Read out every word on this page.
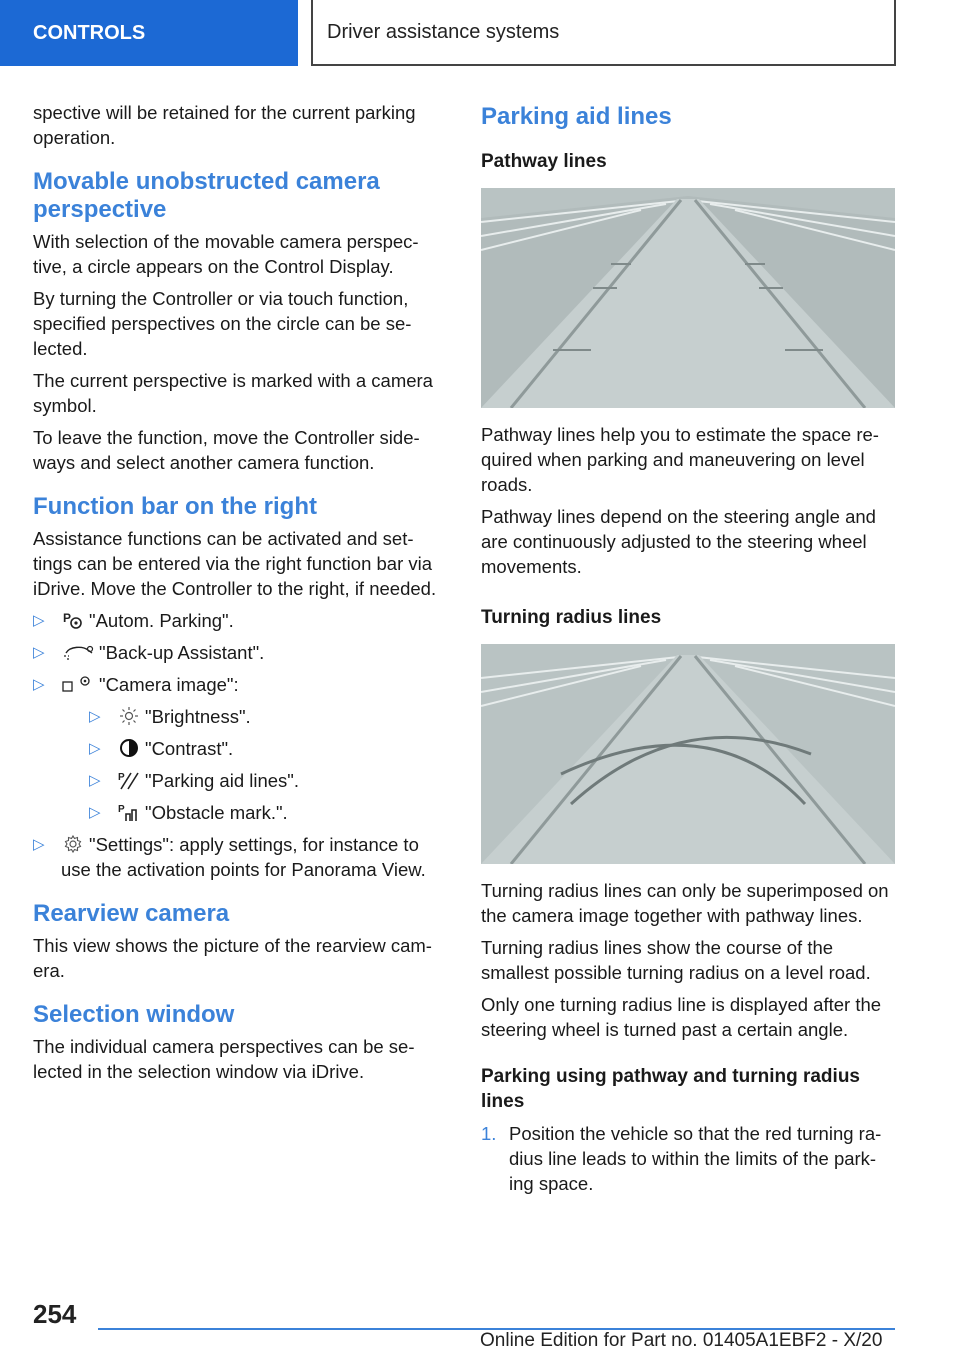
CONTROLS	Driver assistance systems

spective will be retained for the current parking operation.

Movable unobstructed camera perspective

With selection of the movable camera perspec-tive, a circle appears on the Control Display.

By turning the Controller or via touch function, specified perspectives on the circle can be se-lected.

The current perspective is marked with a camera symbol.

To leave the function, move the Controller side-ways and select another camera function.

Function bar on the right

Assistance functions can be activated and set-tings can be entered via the right function bar via iDrive. Move the Controller to the right, if needed.

▷ P "Autom. Parking".
▷	"Back-up Assistant".
▷	"Camera image":
▷ "Brightness".
▷ "Contrast".
▷ P "Parking aid lines".
▷ P "Obstacle mark.".
▷ "Settings": apply settings, for instance to use the activation points for Panorama View.
Rearview camera

This view shows the picture of the rearview cam-era.

Selection window

The individual camera perspectives can be se-lected in the selection window via iDrive.

Parking aid lines
Pathway lines

Pathway lines help you to estimate the space re-quired when parking and maneuvering on level roads.

Pathway lines depend on the steering angle and are continuously adjusted to the steering wheel movements.

Turning radius lines

Turning radius lines can only be superimposed on the camera image together with pathway lines.

Turning radius lines show the course of the smallest possible turning radius on a level road.

Only one turning radius line is displayed after the steering wheel is turned past a certain angle.

Parking using pathway and turning radius lines
1. Position the vehicle so that the red turning ra-dius line leads to within the limits of the park-ing space.
254
Online Edition for Part no. 01405A1EBF2 - X/20
